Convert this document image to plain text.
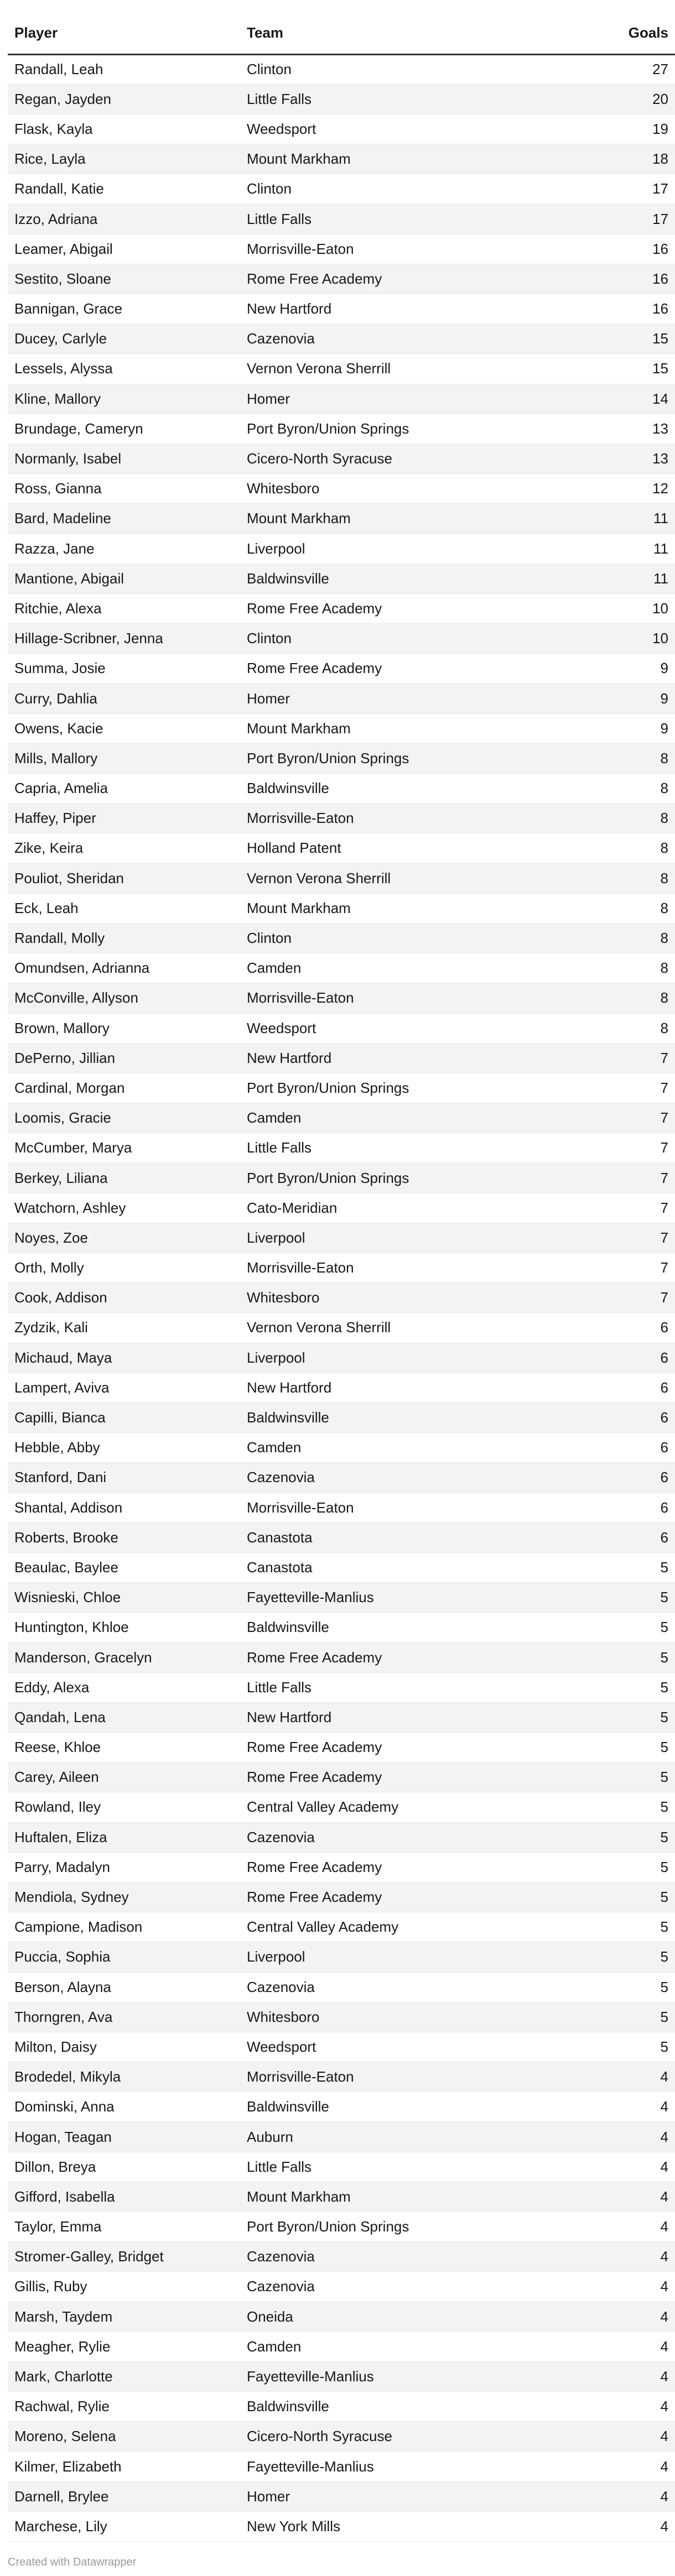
Player	Team	Goals
Randall, Leah	Clinton	27
Regan, Jayden	Little Falls	20
Flask, Kayla	Weedsport	19
Rice, Layla	Mount Markham	18
Randall, Katie	Clinton	17
Izzo, Adriana	Little Falls	17
Leamer, Abigail	Morrisville-Eaton	16
Sestito, Sloane	Rome Free Academy	16
Bannigan, Grace	New Hartford	16
Ducey, Carlyle	Cazenovia	15
Lessels, Alyssa	Vernon Verona Sherrill	15
Kline, Mallory	Homer	14
Brundage, Cameryn	Port Byron/Union Springs	13
Normanly, Isabel	Cicero-North Syracuse	13
Ross, Gianna	Whitesboro	12
Bard, Madeline	Mount Markham	11
Razza, Jane	Liverpool	11
Mantione, Abigail	Baldwinsville	11
Ritchie, Alexa	Rome Free Academy	10
Hillage-Scribner, Jenna	Clinton	10
Summa, Josie	Rome Free Academy	9
Curry, Dahlia	Homer	9
Owens, Kacie	Mount Markham	9
Mills, Mallory	Port Byron/Union Springs	8
Capria, Amelia	Baldwinsville	8
Haffey, Piper	Morrisville-Eaton	8
Zike, Keira	Holland Patent	8
Pouliot, Sheridan	Vernon Verona Sherrill	8
Eck, Leah	Mount Markham	8
Randall, Molly	Clinton	8
Omundsen, Adrianna	Camden	8
McConville, Allyson	Morrisville-Eaton	8
Brown, Mallory	Weedsport	8
DePerno, Jillian	New Hartford	7
Cardinal, Morgan	Port Byron/Union Springs	7
Loomis, Gracie	Camden	7
McCumber, Marya	Little Falls	7
Berkey, Liliana	Port Byron/Union Springs	7
Watchorn, Ashley	Cato-Meridian	7
Noyes, Zoe	Liverpool	7
Orth, Molly	Morrisville-Eaton	7
Cook, Addison	Whitesboro	7
Zydzik, Kali	Vernon Verona Sherrill	6
Michaud, Maya	Liverpool	6
Lampert, Aviva	New Hartford	6
Capilli, Bianca	Baldwinsville	6
Hebble, Abby	Camden	6
Stanford, Dani	Cazenovia	6
Shantal, Addison	Morrisville-Eaton	6
Roberts, Brooke	Canastota	6
Beaulac, Baylee	Canastota	5
Wisnieski, Chloe	Fayetteville-Manlius	5
Huntington, Khloe	Baldwinsville	5
Manderson, Gracelyn	Rome Free Academy	5
Eddy, Alexa	Little Falls	5
Qandah, Lena	New Hartford	5
Reese, Khloe	Rome Free Academy	5
Carey, Aileen	Rome Free Academy	5
Rowland, Iley	Central Valley Academy	5
Huftalen, Eliza	Cazenovia	5
Parry, Madalyn	Rome Free Academy	5
Mendiola, Sydney	Rome Free Academy	5
Campione, Madison	Central Valley Academy	5
Puccia, Sophia	Liverpool	5
Berson, Alayna	Cazenovia	5
Thorngren, Ava	Whitesboro	5
Milton, Daisy	Weedsport	5
Brodedel, Mikyla	Morrisville-Eaton	4
Dominski, Anna	Baldwinsville	4
Hogan, Teagan	Auburn	4
Dillon, Breya	Little Falls	4
Gifford, Isabella	Mount Markham	4
Taylor, Emma	Port Byron/Union Springs	4
Stromer-Galley, Bridget	Cazenovia	4
Gillis, Ruby	Cazenovia	4
Marsh, Taydem	Oneida	4
Meagher, Rylie	Camden	4
Mark, Charlotte	Fayetteville-Manlius	4
Rachwal, Rylie	Baldwinsville	4
Moreno, Selena	Cicero-North Syracuse	4
Kilmer, Elizabeth	Fayetteville-Manlius	4
Darnell, Brylee	Homer	4
Marchese, Lily	New York Mills	4
Created with Datawrapper
